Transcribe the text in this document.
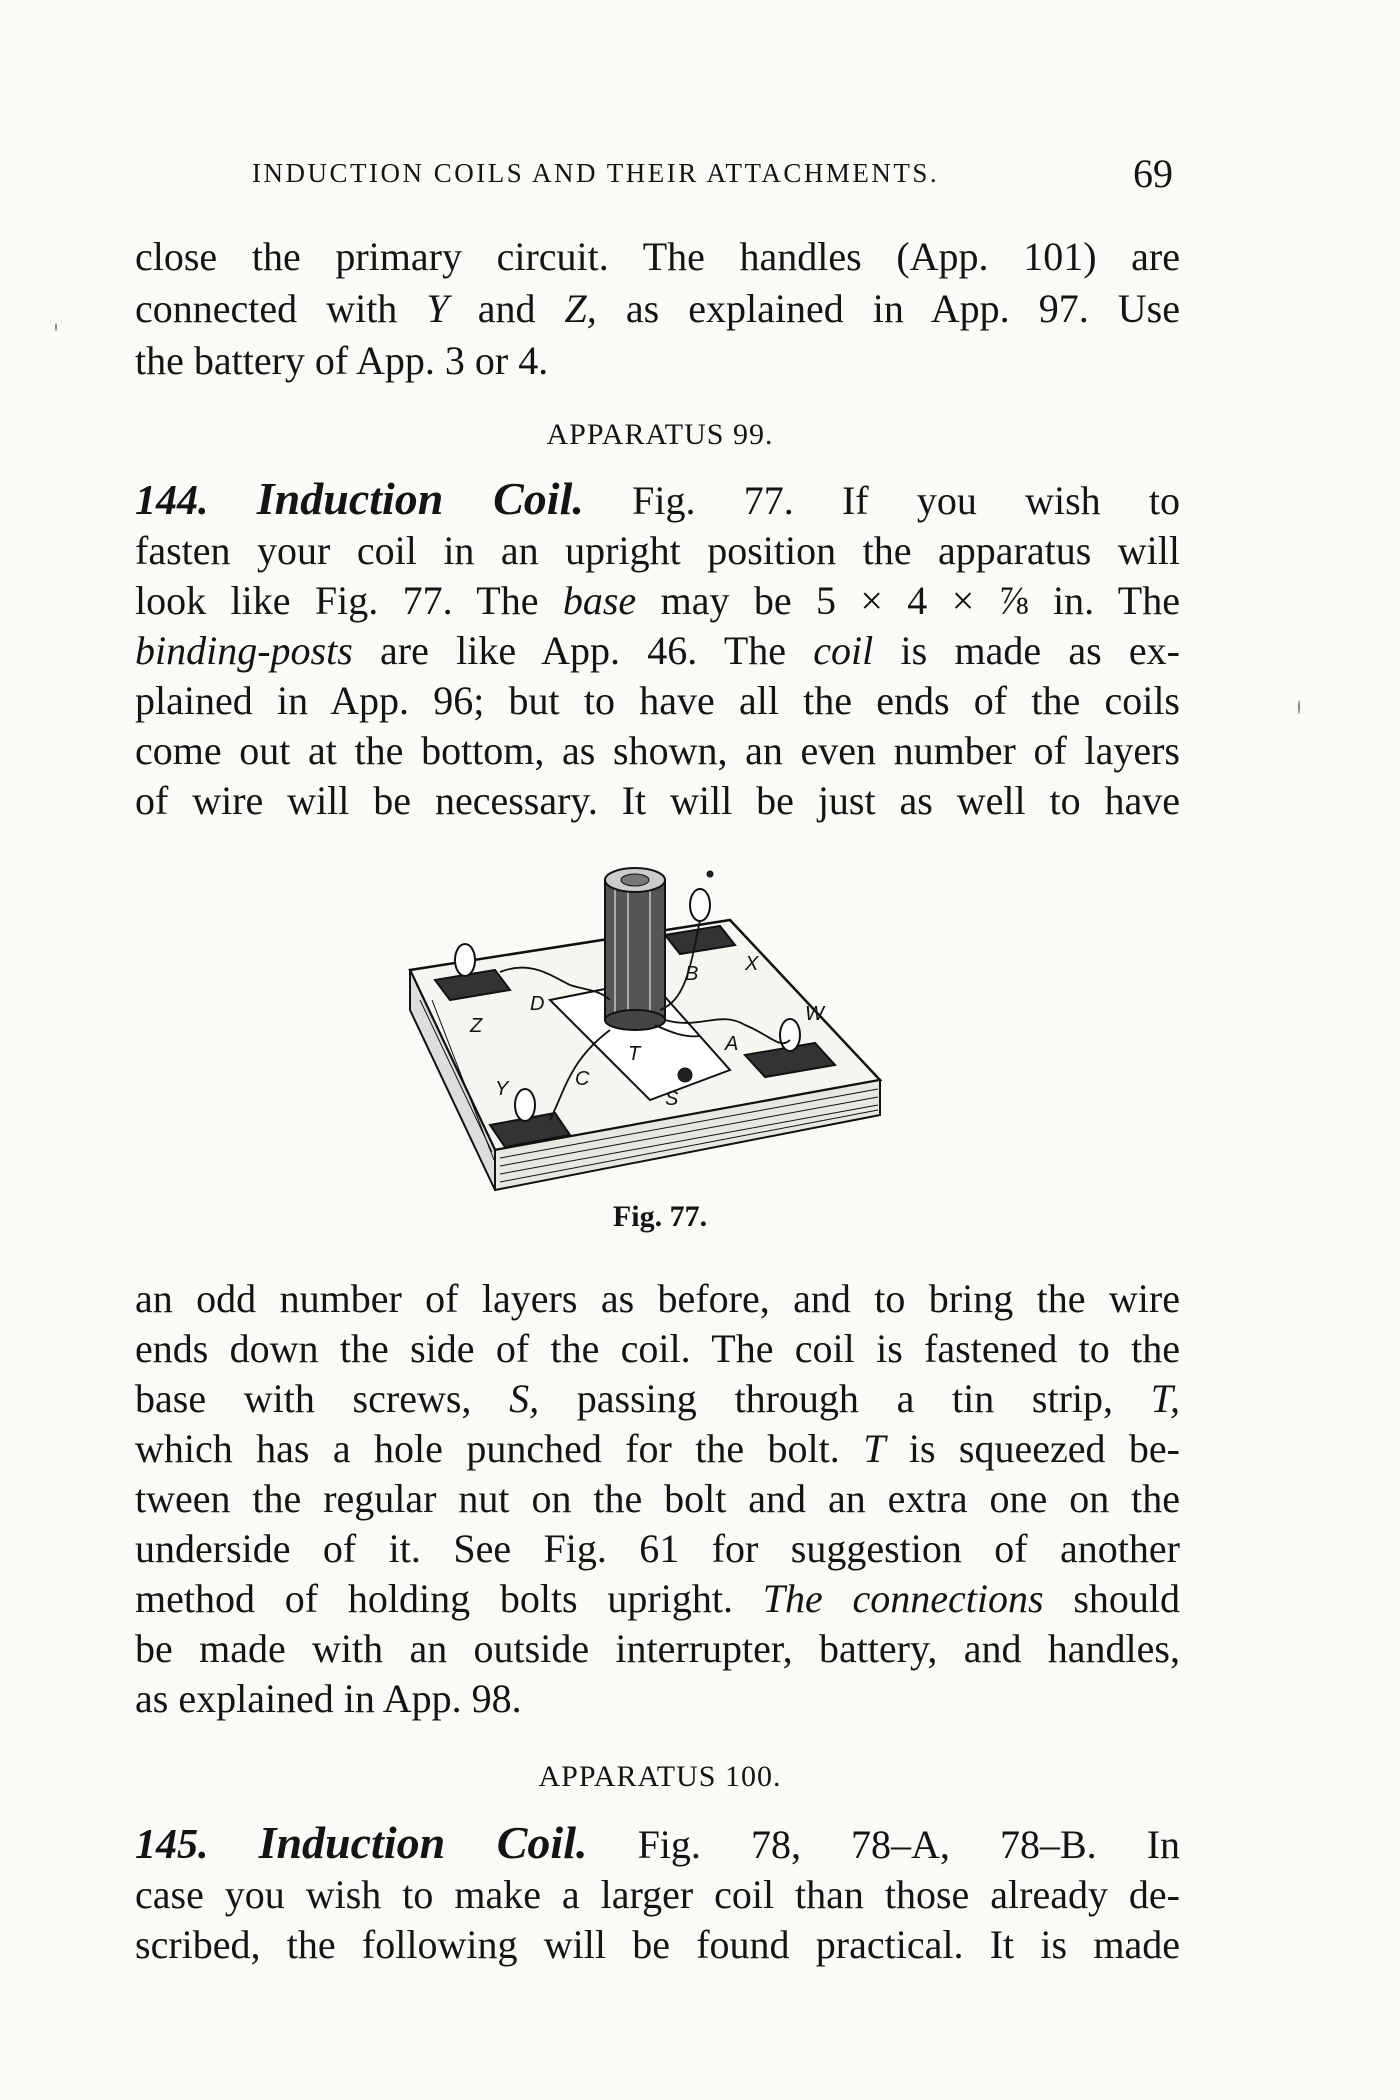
INDUCTION COILS AND THEIR ATTACHMENTS.	69
close the primary circuit. The handles (App. 101) are
connected with Y and Z, as explained in App. 97. Use
the battery of App. 3 or 4.
APPARATUS 99.
144. Induction Coil. Fig. 77. If you wish to
fasten your coil in an upright position the apparatus will
look like Fig. 77. The base may be 5 × 4 × ⅞ in. The
binding-posts are like App. 46. The coil is made as ex-
plained in App. 96; but to have all the ends of the coils
come out at the bottom, as shown, an even number of layers
of wire will be necessary. It will be just as well to have
Z
D
B X
W
A
C
T
S
Y
Fig. 77.
an odd number of layers as before, and to bring the wire
ends down the side of the coil. The coil is fastened to the
base with screws, S, passing through a tin strip, T,
which has a hole punched for the bolt. T is squeezed be-
tween the regular nut on the bolt and an extra one on the
underside of it. See Fig. 61 for suggestion of another
method of holding bolts upright. The connections should
be made with an outside interrupter, battery, and handles,
as explained in App. 98.
APPARATUS 100.
145. Induction Coil. Fig. 78, 78–A, 78–B. In
case you wish to make a larger coil than those already de-
scribed, the following will be found practical. It is made
